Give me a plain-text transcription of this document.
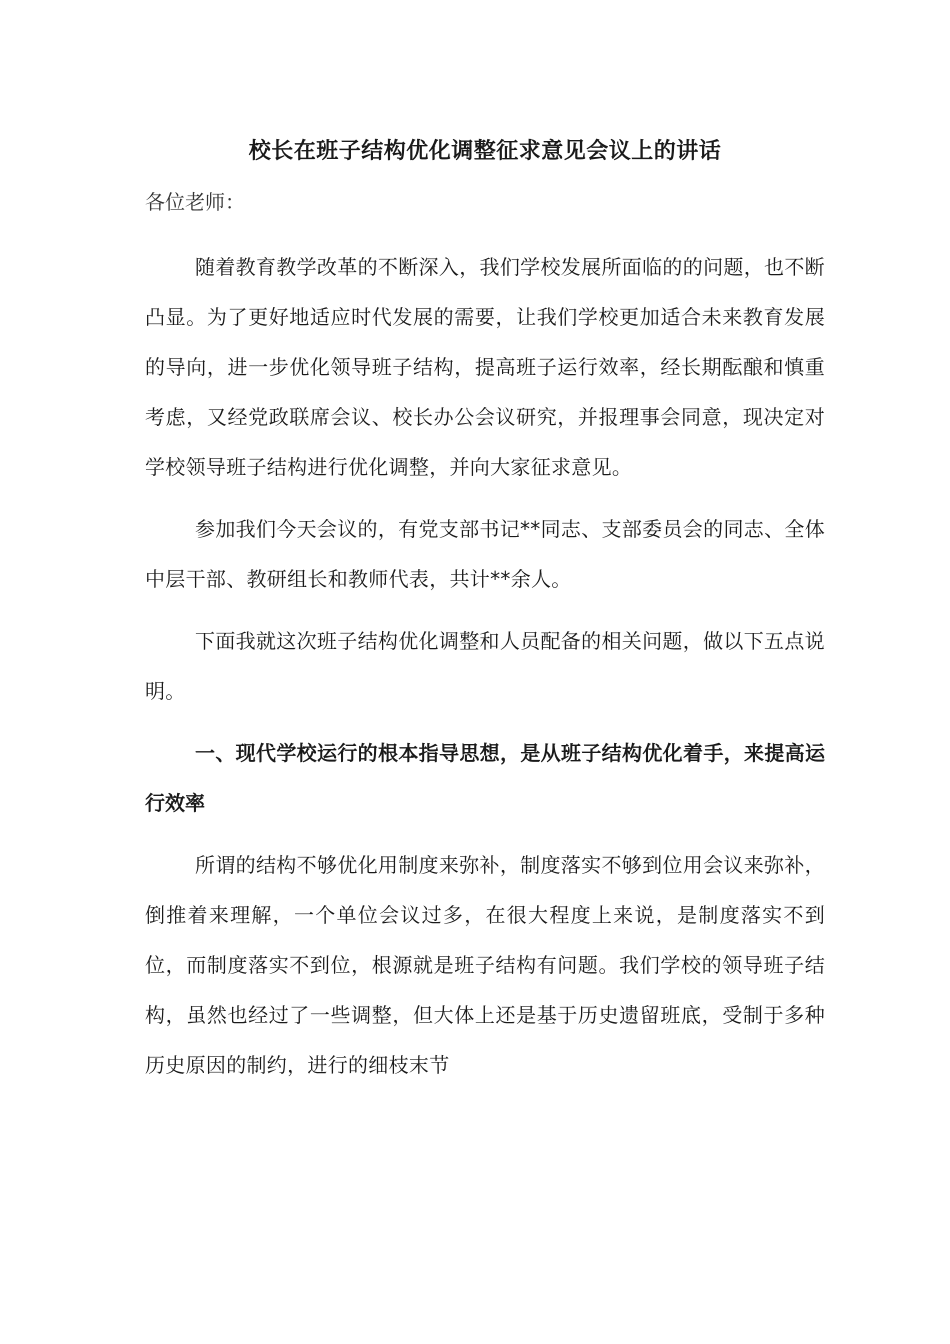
校长在班子结构优化调整征求意见会议上的讲话
各位老师：

随着教育教学改革的不断深入，我们学校发展所面临的的问题，也不断凸显。为了更好地适应时代发展的需要，让我们学校更加适合未来教育发展的导向，进一步优化领导班子结构，提高班子运行效率，经长期酝酿和慎重考虑，又经党政联席会议、校长办公会议研究，并报理事会同意，现决定对学校领导班子结构进行优化调整，并向大家征求意见。

参加我们今天会议的，有党支部书记**同志、支部委员会的同志、全体中层干部、教研组长和教师代表，共计**余人。

下面我就这次班子结构优化调整和人员配备的相关问题，做以下五点说明。

一、现代学校运行的根本指导思想，是从班子结构优化着手，来提高运行效率

所谓的结构不够优化用制度来弥补，制度落实不够到位用会议来弥补，倒推着来理解，一个单位会议过多，在很大程度上来说，是制度落实不到位，而制度落实不到位，根源就是班子结构有问题。我们学校的领导班子结构，虽然也经过了一些调整，但大体上还是基于历史遗留班底，受制于多种历史原因的制约，进行的细枝末节
